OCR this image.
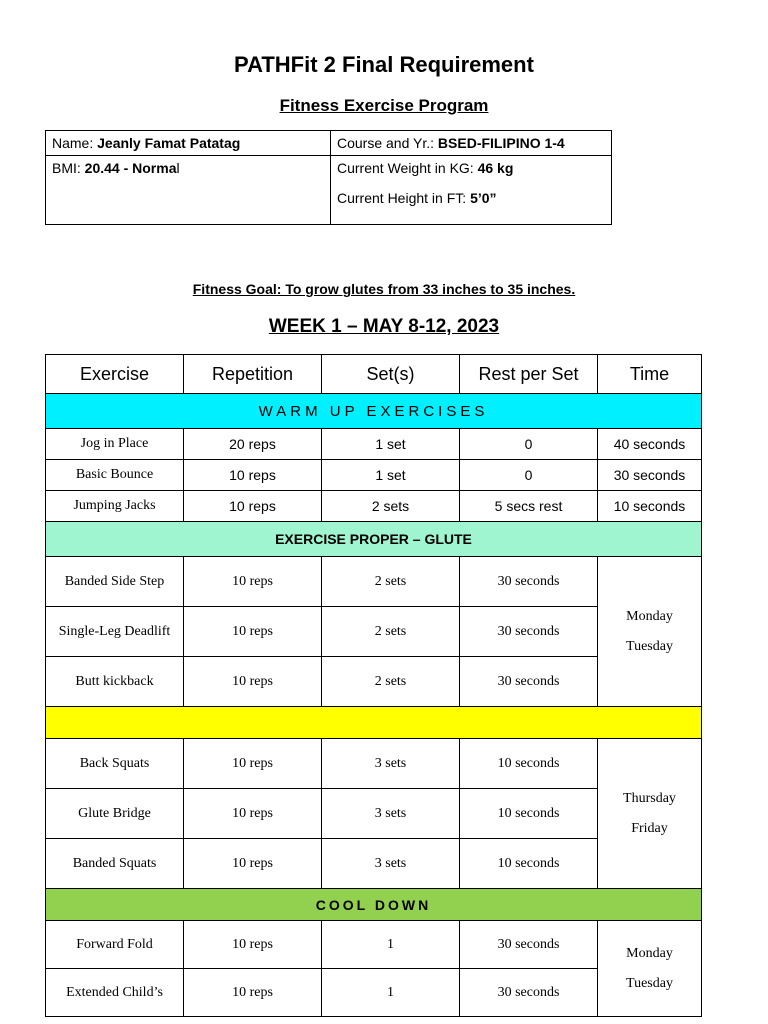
PATHFit 2 Final Requirement
Fitness Exercise Program
Name: Jeanly Famat Patatag	Course and Yr.: BSED-FILIPINO 1-4
BMI: 20.44 - Normal	Current Weight in KG: 46 kg
Current Height in FT: 5’0”
Fitness Goal: To grow glutes from 33 inches to 35 inches.
WEEK 1 – MAY 8-12, 2023
Exercise	Repetition	Set(s)	Rest per Set	Time
WARM UP EXERCISES				
Jog in Place	20 reps	1 set	0	40 seconds
Basic Bounce	10 reps	1 set	0	30 seconds
Jumping Jacks	10 reps	2 sets	5 secs rest	10 seconds
EXERCISE PROPER – GLUTE				
Banded Side Step	10 reps	2 sets	30 seconds	Monday
Tuesday

Single-Leg Deadlift	10 reps	2 sets	30 seconds	
Butt kickback	10 reps	2 sets	30 seconds	

Back Squats	10 reps	3 sets	10 seconds	Thursday
Friday

Glute Bridge	10 reps	3 sets	10 seconds	
Banded Squats	10 reps	3 sets	10 seconds	
COOL DOWN				
Forward Fold	10 reps	1	30 seconds	Monday
Tuesday

Extended Child’s	10 reps	1	30 seconds	
